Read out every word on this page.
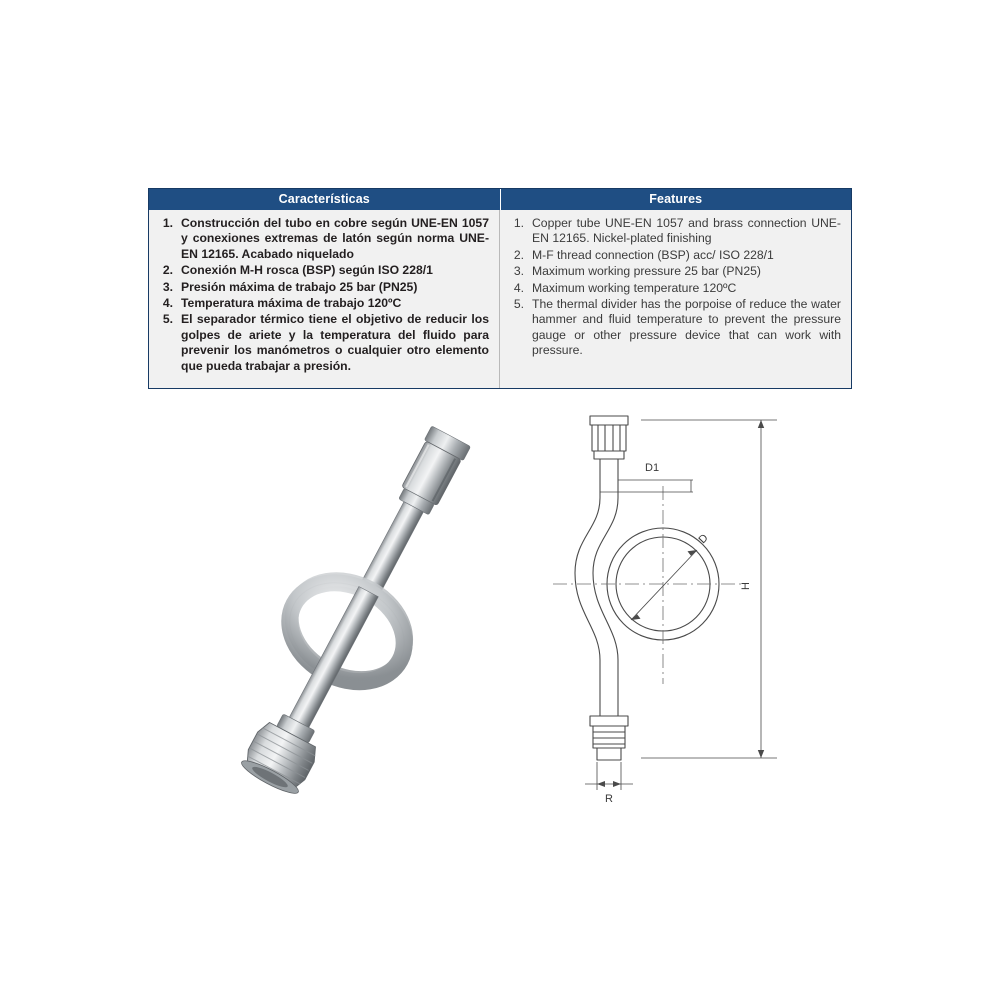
Características	Features
1. Construcción del tubo en cobre según UNE-EN 1057 y conexiones extremas de latón según norma UNE-EN 12165. Acabado niquelado
2. Conexión M-H rosca (BSP) según ISO 228/1
3. Presión máxima de trabajo 25 bar (PN25)
4. Temperatura máxima de trabajo 120ºC
5. El separador térmico tiene el objetivo de reducir los golpes de ariete y la temperatura del fluido para prevenir los manómetros o cualquier otro elemento que pueda trabajar a presión.
1. Copper tube UNE-EN 1057 and brass connection UNE-EN 12165. Nickel-plated finishing
2. M-F thread connection (BSP) acc/ ISO 228/1
3. Maximum working pressure 25 bar (PN25)
4. Maximum working temperature 120ºC
5. The thermal divider has the porpoise of reduce the water hammer and fluid temperature to prevent the pressure gauge or other pressure device that can work with pressure.
D1
D
H
R
